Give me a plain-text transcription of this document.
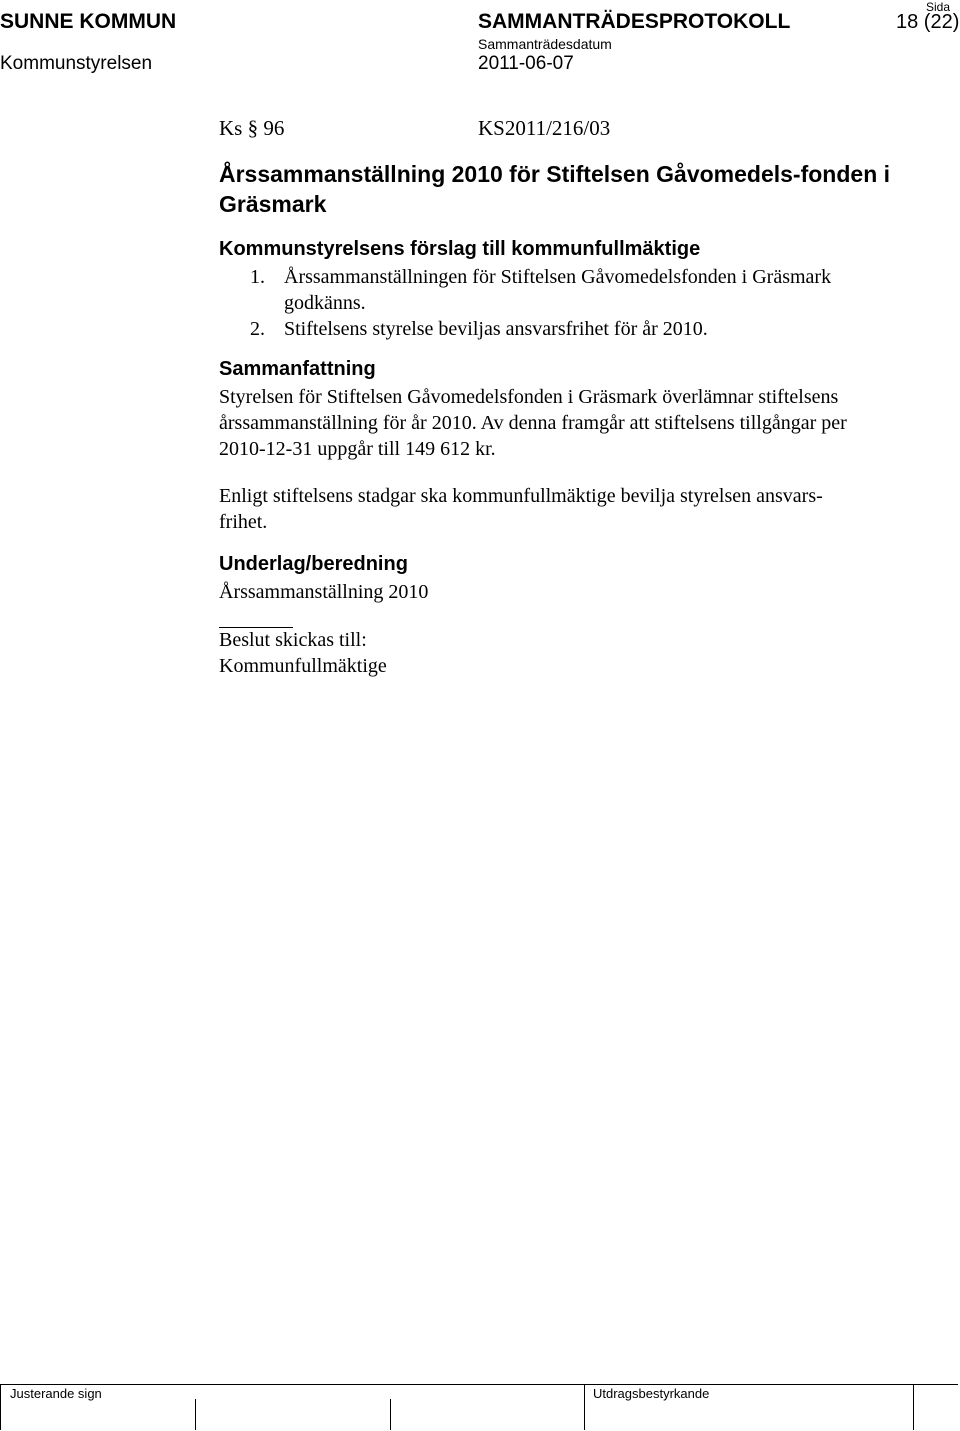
SUNNE KOMMUN
Kommunstyrelsen
SAMMANTRÄDESPROTOKOLL
Sammanträdesdatum
2011-06-07
Sida
18 (22)
Ks § 96	KS2011/216/03
Årssammanställning 2010 för Stiftelsen Gåvomedels-fonden i Gräsmark
Kommunstyrelsens förslag till kommunfullmäktige
1. Årssammanställningen för Stiftelsen Gåvomedelsfonden i Gräsmark
godkänns.
2. Stiftelsens styrelse beviljas ansvarsfrihet för år 2010.
Sammanfattning
Styrelsen för Stiftelsen Gåvomedelsfonden i Gräsmark överlämnar stiftelsens
årssammanställning för år 2010. Av denna framgår att stiftelsens tillgångar per
2010-12-31 uppgår till 149 612 kr.
Enligt stiftelsens stadgar ska kommunfullmäktige bevilja styrelsen ansvars-
frihet.
Underlag/beredning
Årssammanställning 2010
Beslut skickas till:
Kommunfullmäktige
Justerande sign	Utdragsbestyrkande
